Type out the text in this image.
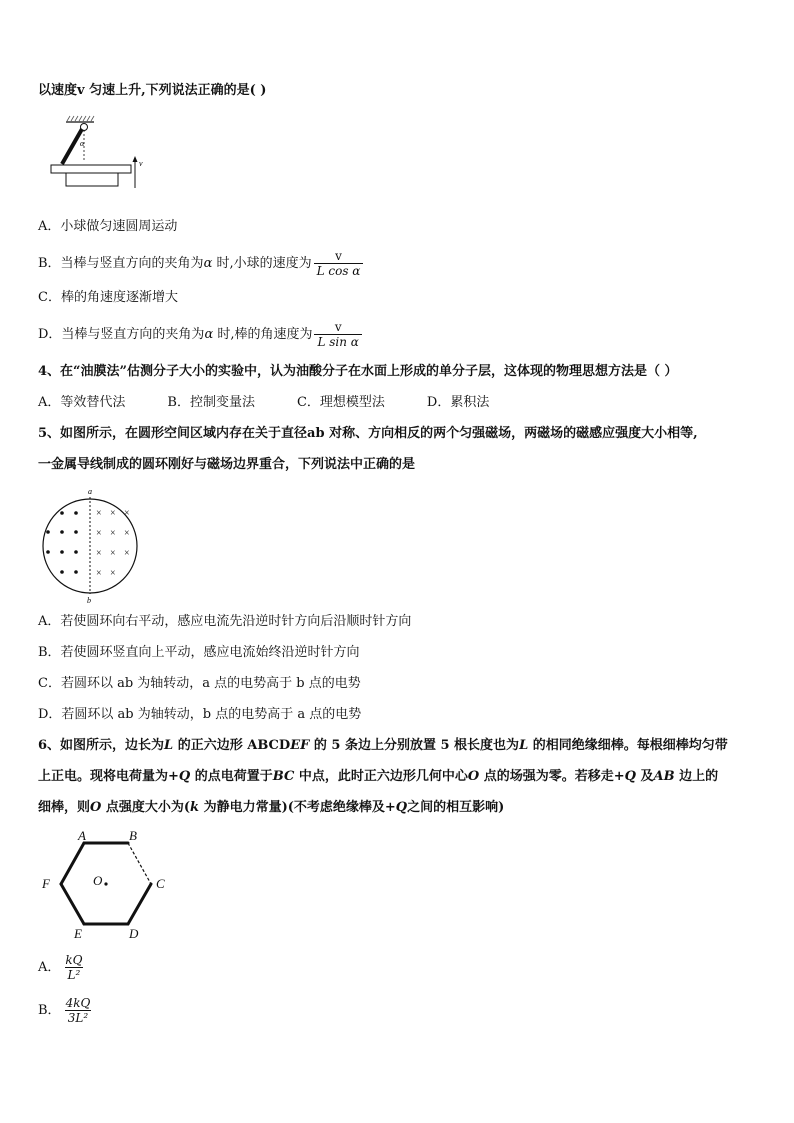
以速度v 匀速上升,下列说法正确的是( )
α
v
A．小球做匀速圆周运动
B．当棒与竖直方向的夹角为α 时,小球的速度为 $\frac{v}{\text{L cos α}}$
C．棒的角速度逐渐增大
D．当棒与竖直方向的夹角为α 时,棒的角速度为 $\frac{v}{\text{L sin α}}$
4、在“油膜法”估测分子大小的实验中，认为油酸分子在水面上形成的单分子层，这体现的物理思想方法是（ ）
A．等效替代法	B．控制变量法	C．理想模型法	D．累积法
5、如图所示，在圆形空间区域内存在关于直径ab 对称、方向相反的两个匀强磁场，两磁场的磁感应强度大小相等,
一金属导线制成的圆环刚好与磁场边界重合，下列说法中正确的是
a
b
× × ×
× × ×
× × ×
× ×
A．若使圆环向右平动，感应电流先沿逆时针方向后沿顺时针方向
B．若使圆环竖直向上平动，感应电流始终沿逆时针方向
C．若圆环以 ab 为轴转动，a 点的电势高于 b 点的电势
D．若圆环以 ab 为轴转动，b 点的电势高于 a 点的电势
6、如图所示，边长为L 的正六边形 ABCDEF 的 5 条边上分别放置 5 根长度也为L 的相同绝缘细棒。每根细棒均匀带
上正电。现将电荷量为+Q 的点电荷置于BC 中点，此时正六边形几何中心O 点的场强为零。若移走+Q 及AB 边上的
细棒，则O 点强度大小为(k 为静电力常量)(不考虑绝缘棒及+Q之间的相互影响)
A	B
C
D
E
F	O
A． $\frac{kQ}{\text{L²}}$
B． $\frac{4kQ}{\text{3L²}}$
